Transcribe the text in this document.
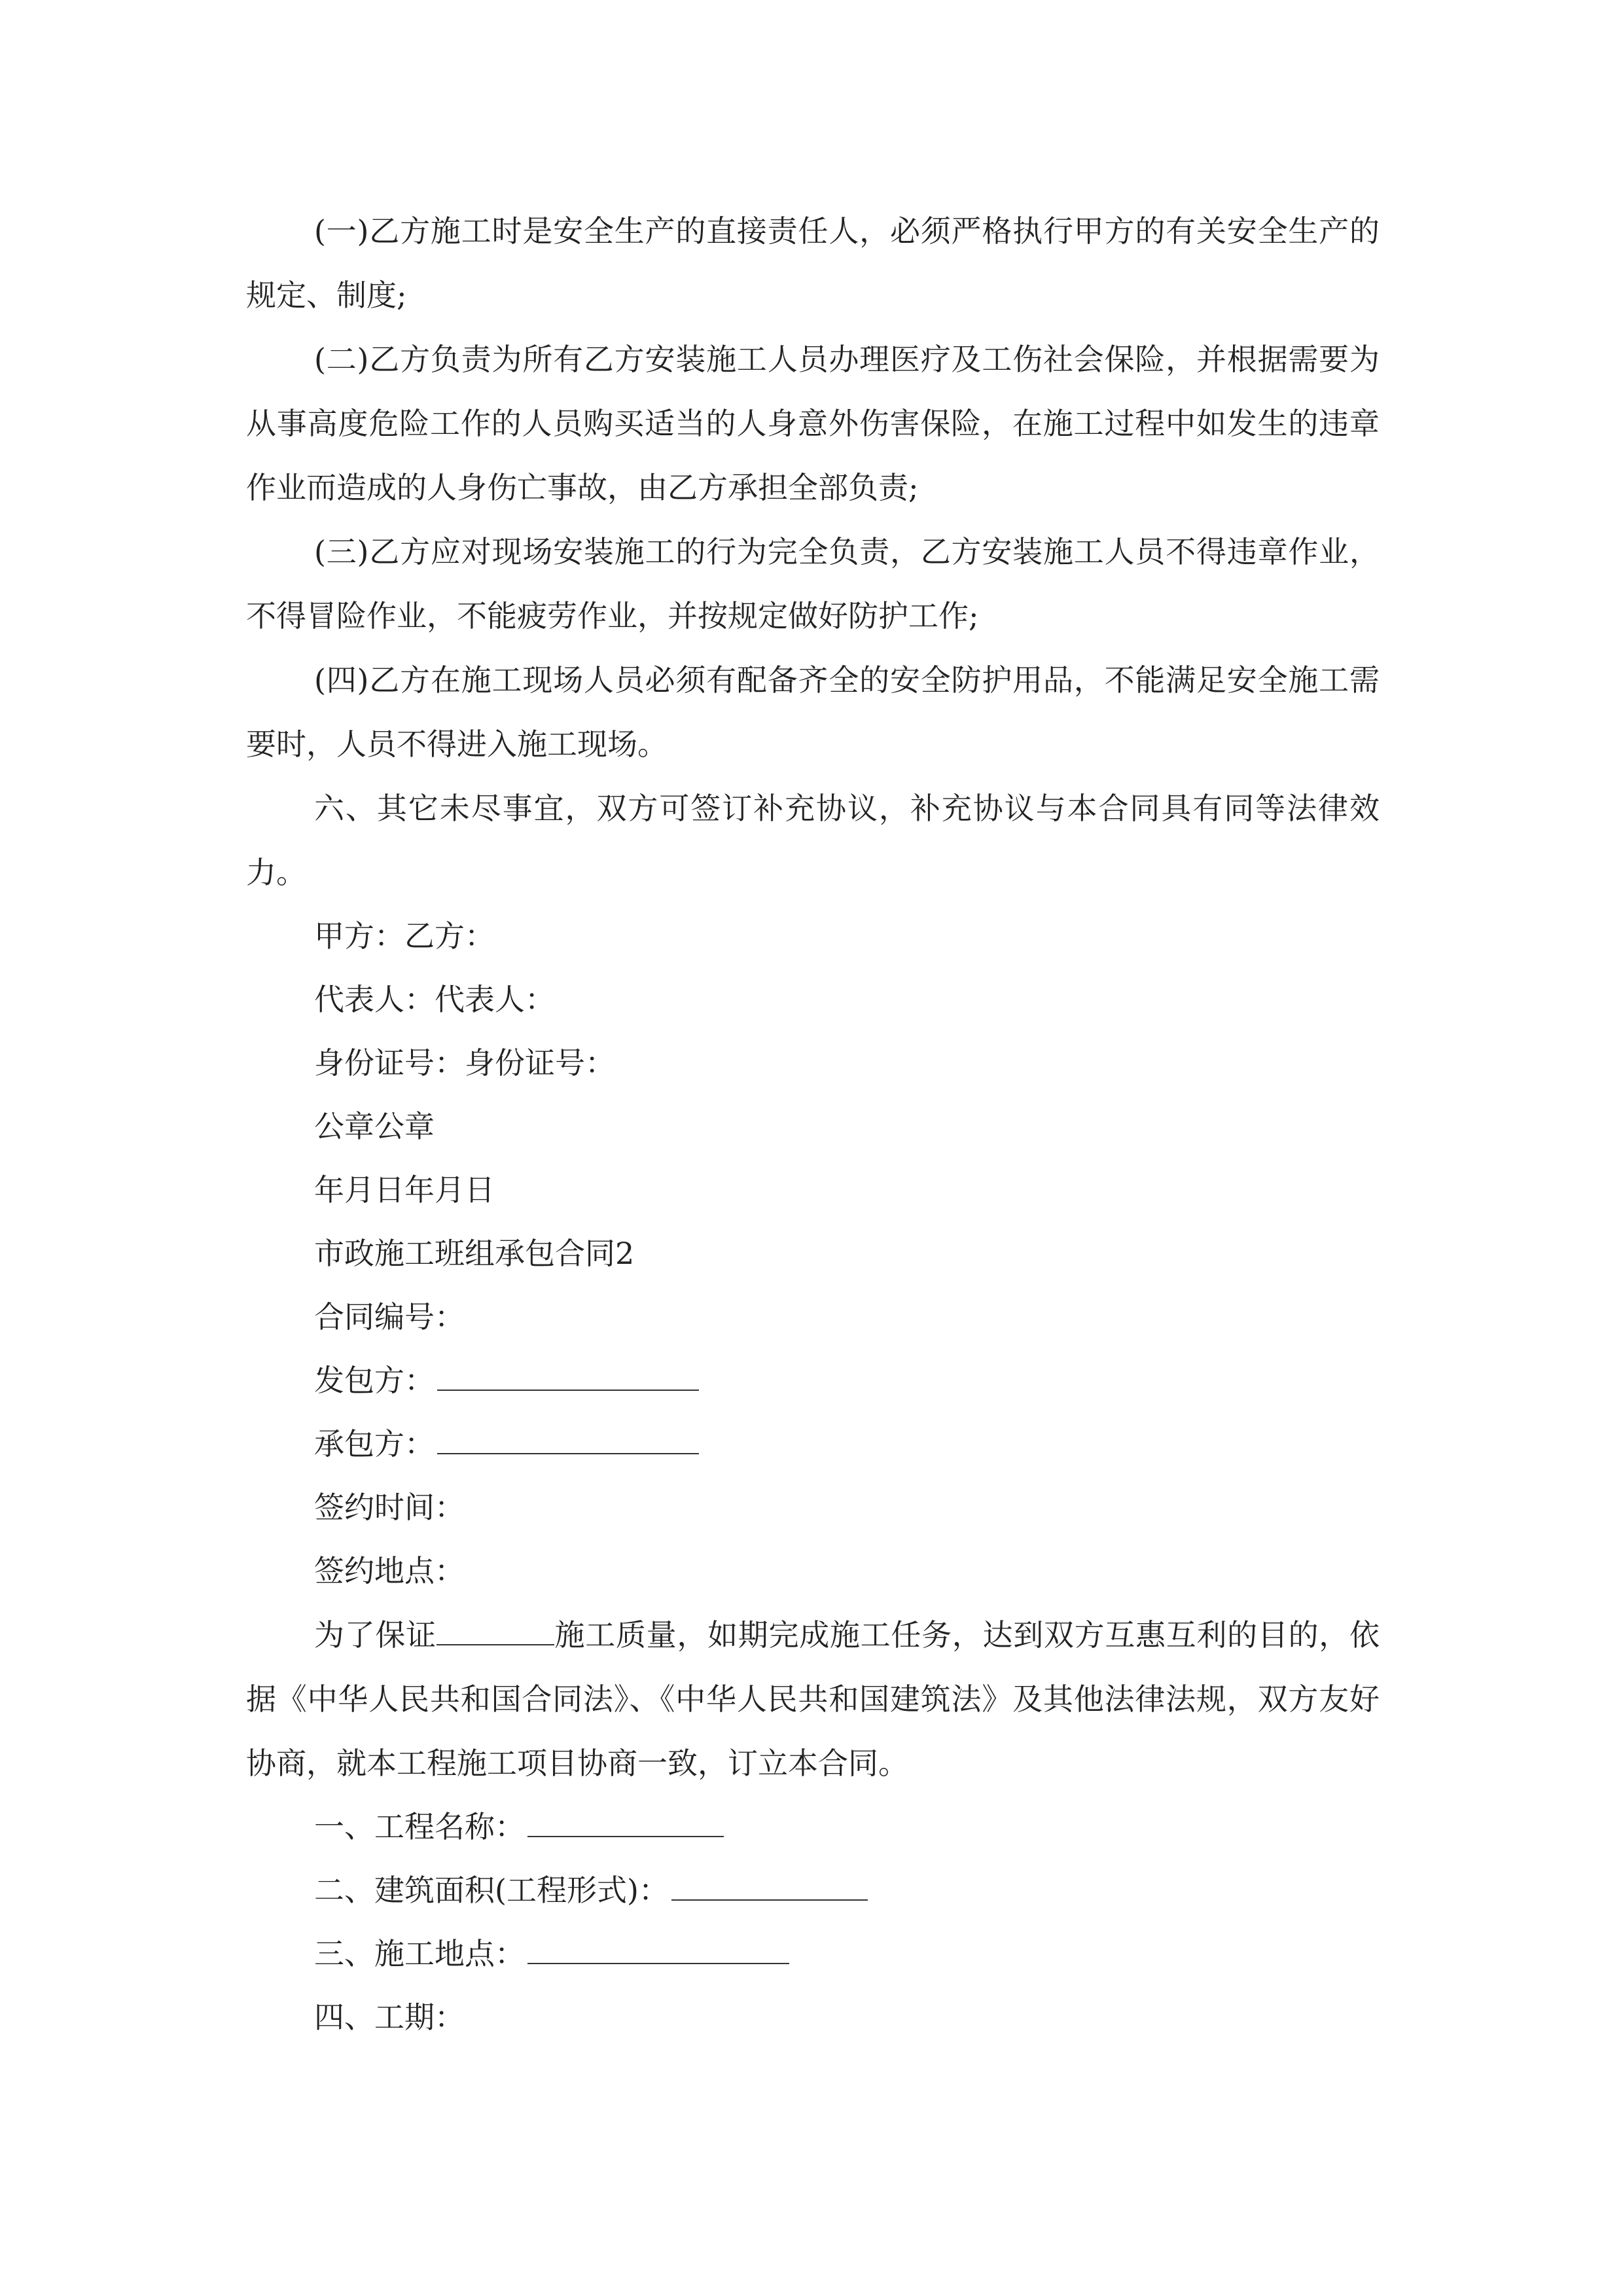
(一)乙方施工时是安全生产的直接责任人，必须严格执行甲方的有关安全生产的规定、制度;

(二)乙方负责为所有乙方安装施工人员办理医疗及工伤社会保险，并根据需要为从事高度危险工作的人员购买适当的人身意外伤害保险，在施工过程中如发生的违章作业而造成的人身伤亡事故，由乙方承担全部负责;

(三)乙方应对现场安装施工的行为完全负责，乙方安装施工人员不得违章作业，不得冒险作业，不能疲劳作业，并按规定做好防护工作;

(四)乙方在施工现场人员必须有配备齐全的安全防护用品，不能满足安全施工需要时，人员不得进入施工现场。

六、其它未尽事宜，双方可签订补充协议，补充协议与本合同具有同等法律效力。

甲方：乙方：

代表人：代表人：

身份证号：身份证号：

公章公章

年月日年月日

市政施工班组承包合同2

合同编号：

发包方：

承包方：

签约时间：

签约地点：

为了保证	施工质量，如期完成施工任务，达到双方互惠互利的目的，依据《中华人民共和国合同法》、《中华人民共和国建筑法》及其他法律法规，双方友好协商，就本工程施工项目协商一致，订立本合同。

一、工程名称：

二、建筑面积(工程形式)：

三、施工地点：

四、工期：
